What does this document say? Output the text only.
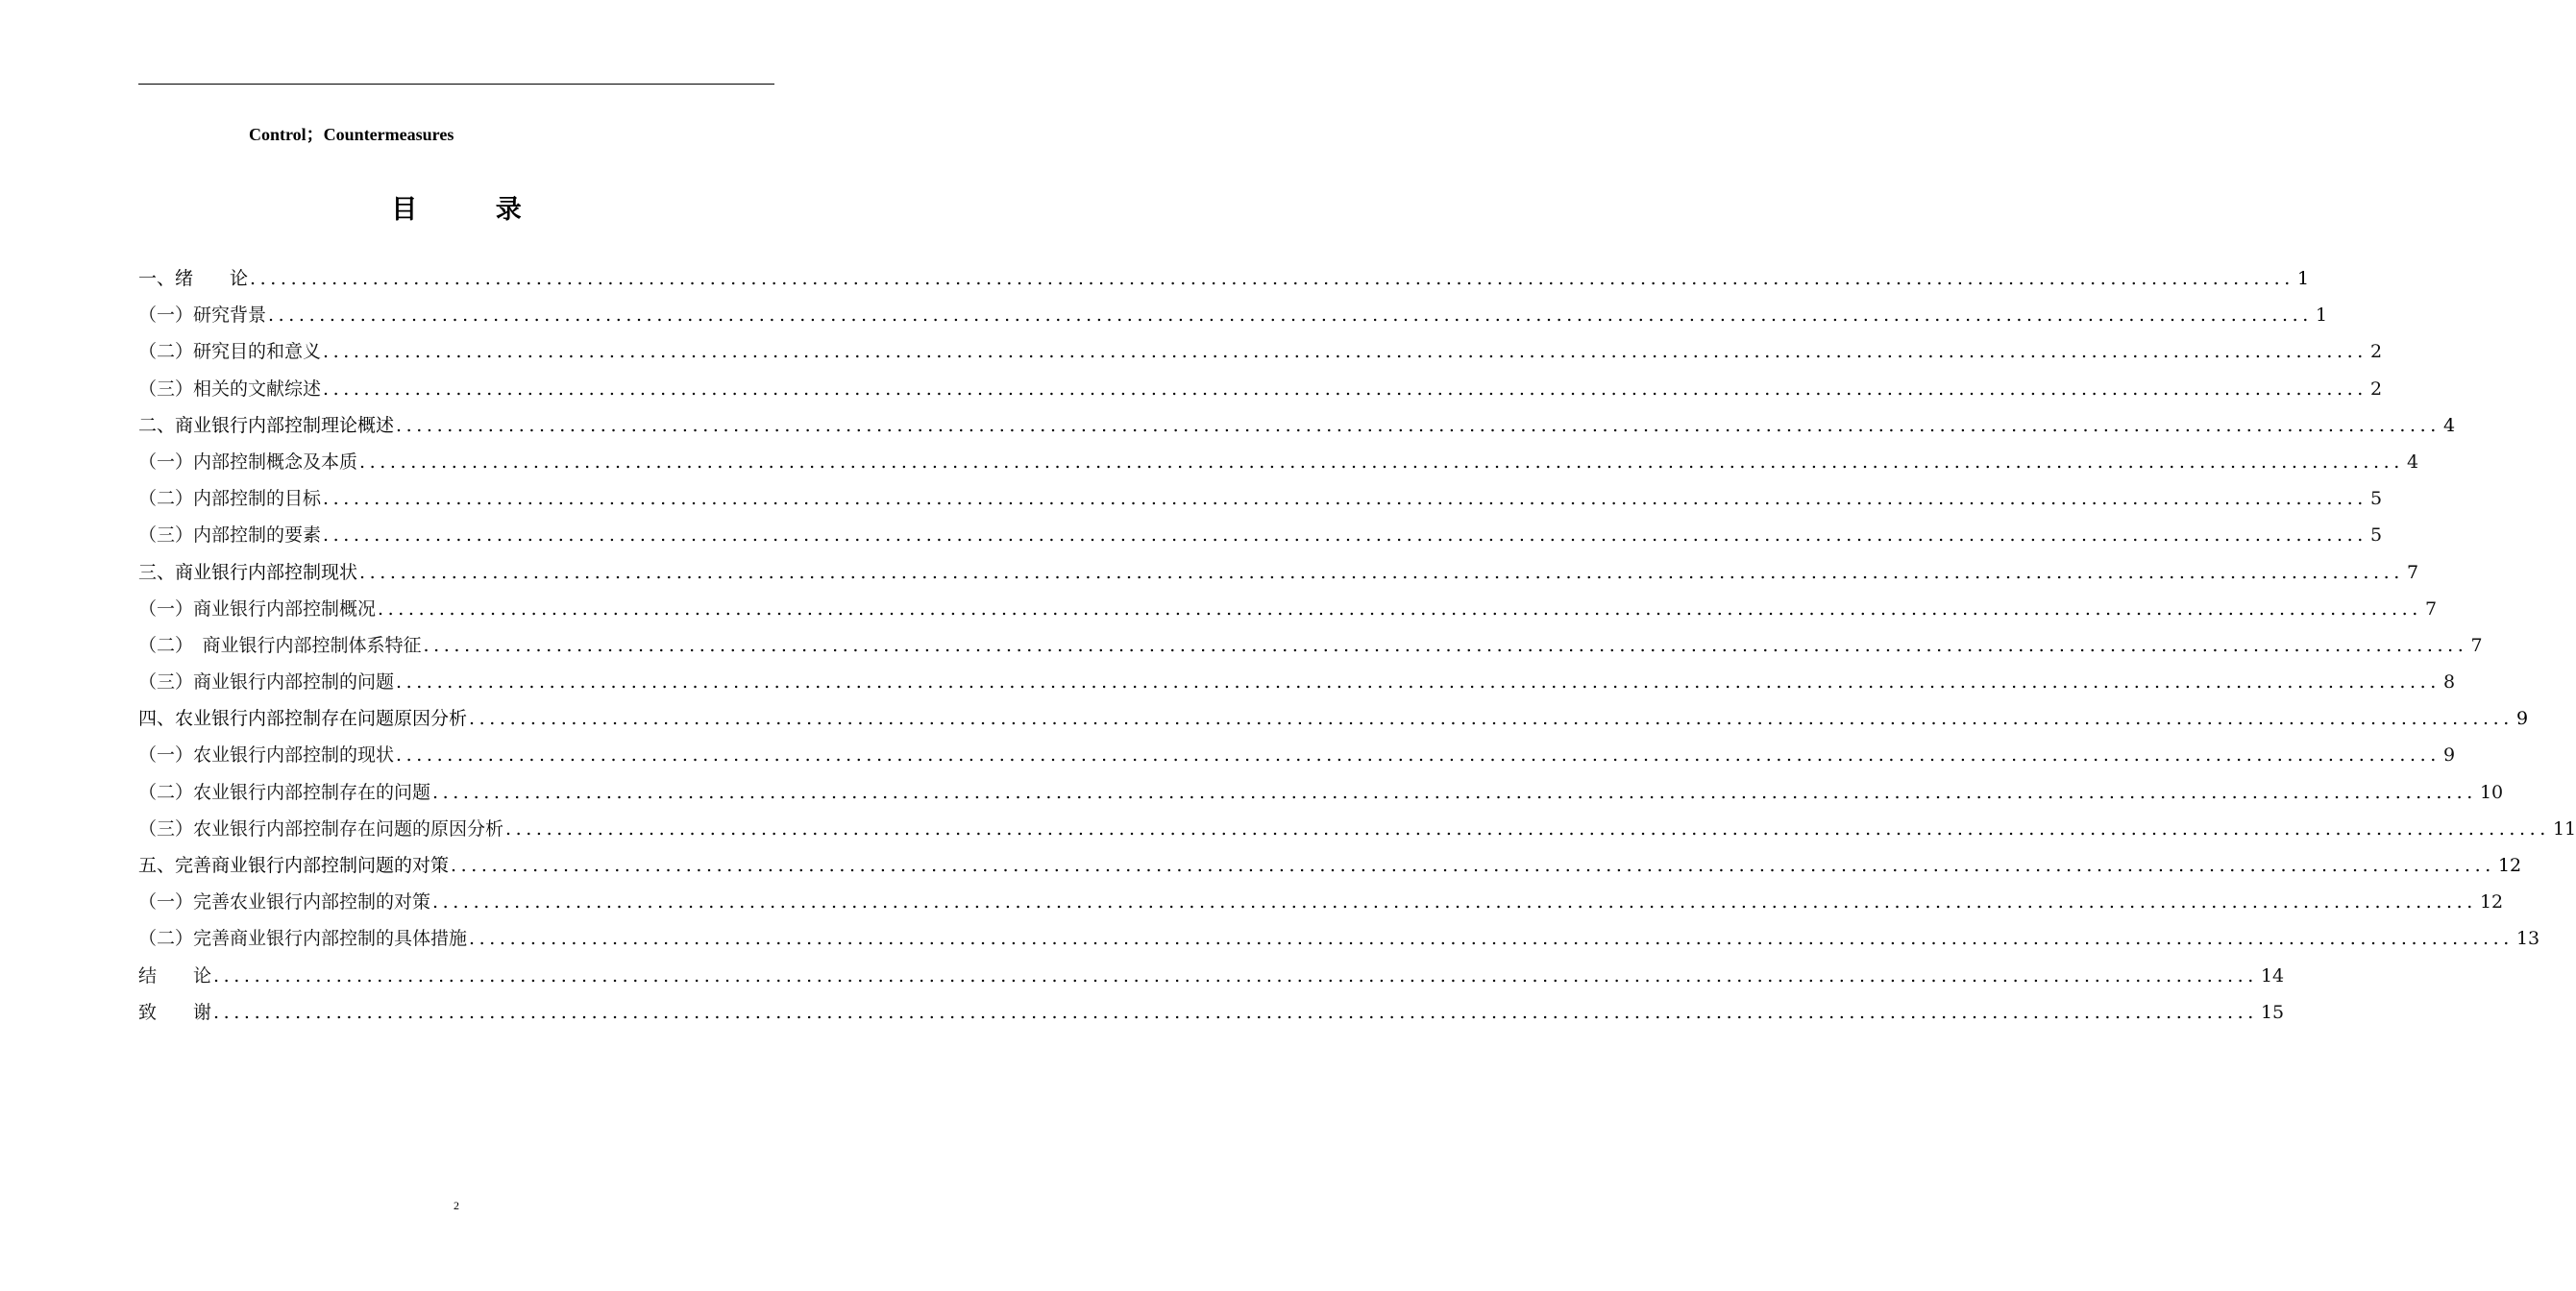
Control；Countermeasures
目 录
一、绪　　论 ........................................................................................................................................................................................................ 1
（一）研究背景 ........................................................................................................................................................................................................ 1
（二）研究目的和意义 ........................................................................................................................................................................................................ 2
（三）相关的文献综述 ........................................................................................................................................................................................................ 2
二、商业银行内部控制理论概述 ........................................................................................................................................................................................................ 4
（一）内部控制概念及本质 ........................................................................................................................................................................................................ 4
（二）内部控制的目标 ........................................................................................................................................................................................................ 5
（三）内部控制的要素 ........................................................................................................................................................................................................ 5
三、商业银行内部控制现状 ........................................................................................................................................................................................................ 7
（一）商业银行内部控制概况 ........................................................................................................................................................................................................ 7
（二）　商业银行内部控制体系特征 ........................................................................................................................................................................................................ 7
（三）商业银行内部控制的问题 ........................................................................................................................................................................................................ 8
四、农业银行内部控制存在问题原因分析 ........................................................................................................................................................................................................ 9
（一）农业银行内部控制的现状 ........................................................................................................................................................................................................ 9
（二）农业银行内部控制存在的问题 ........................................................................................................................................................................................................ 10
（三）农业银行内部控制存在问题的原因分析 ........................................................................................................................................................................................................ 11
五、完善商业银行内部控制问题的对策 ........................................................................................................................................................................................................ 12
（一）完善农业银行内部控制的对策 ........................................................................................................................................................................................................ 12
（二）完善商业银行内部控制的具体措施 ........................................................................................................................................................................................................ 13
结　　论 ........................................................................................................................................................................................................ 14
致　　谢 ........................................................................................................................................................................................................ 15
2
